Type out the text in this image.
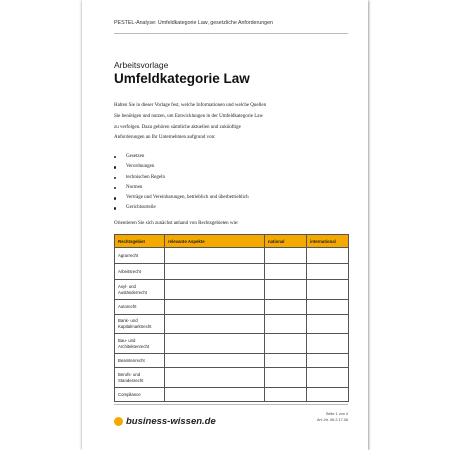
PESTEL-Analyse: Umfeldkategorie Law, gesetzliche Anforderungen
Arbeitsvorlage
Umfeldkategorie Law

Halten Sie in dieser Vorlage fest, welche Informationen und welche Quellen

Sie benötigen und nutzen, um Entwicklungen in der Umfeldkategorie Law

zu verfolgen. Dazu gehören sämtliche aktuellen und zukünftige

Anforderungen an Ihr Unternehmen aufgrund von:

Gesetzen
Verordnungen
technischen Regeln
Normen
Verträge und Vereinbarungen, betrieblich und überbetrieblich
Gerichtsurteile
Orientieren Sie sich zunächst anhand von Rechtsgebieten wie:
Rechtsgebiet	relevante Aspekte	national	international
Agrarrecht			
Arbeitsrecht			
Asyl- und Ausländerrecht			
Autorecht			
Bank- und Kapitalmarktrecht			
Bau- und Architektenrecht			
Beamtenrecht			
Berufs- und Standesrecht			
Compliance			
business-wissen.de
Seite 1 von 4
Art.-Nr. 06.2.17.06
